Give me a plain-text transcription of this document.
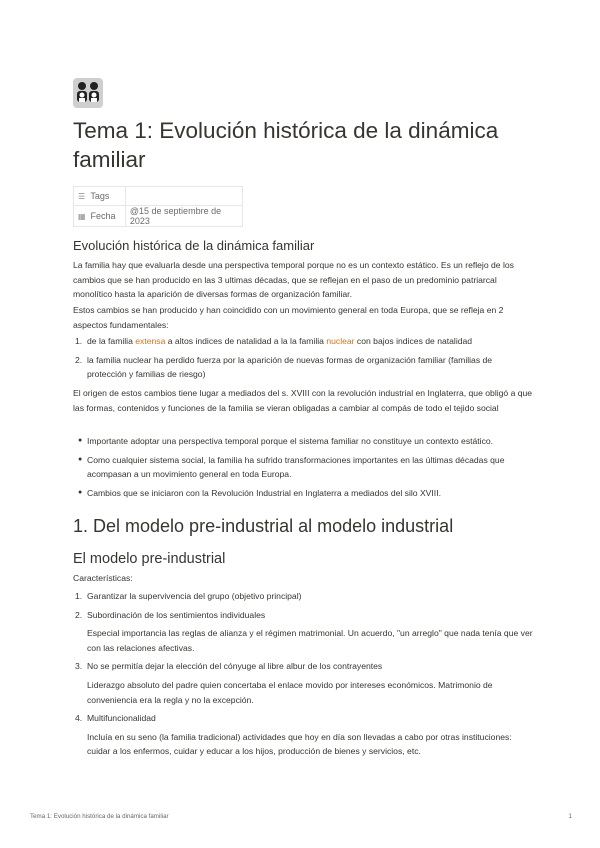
Tema 1: Evolución histórica de la dinámica familiar
☰ Tags	
▦ Fecha	@15 de septiembre de 2023
Evolución histórica de la dinámica familiar

La familia hay que evaluarla desde una perspectiva temporal porque no es un contexto estático. Es un reflejo de los cambios que se han producido en las 3 ultimas décadas, que se reflejan en el paso de un predominio patriarcal monolítico hasta la aparición de diversas formas de organización familiar.

Estos cambios se han producido y han coincidido con un movimiento general en toda Europa, que se refleja en 2 aspectos fundamentales:

1. de la familia extensa a altos indices de natalidad a la la familia nuclear con bajos indices de natalidad
2. la familia nuclear ha perdido fuerza por la aparición de nuevas formas de organización familiar (familias de protección y familias de riesgo)

El origen de estos cambios tiene lugar a mediados del s. XVIII con la revolución industrial en Inglaterra, que obligó a que las formas, contenidos y funciones de la familia se vieran obligadas a cambiar al compás de todo el tejido social

● Importante adoptar una perspectiva temporal porque el sistema familiar no constituye un contexto estático.
● Como cualquier sistema social, la familia ha sufrido transformaciones importantes en las últimas décadas que acompasan a un movimiento general en toda Europa.
● Cambios que se iniciaron con la Revolución Industrial en Inglaterra a mediados del silo XVIII.
1. Del modelo pre-industrial al modelo industrial
El modelo pre-industrial

Características:

1. Garantizar la supervivencia del grupo (objetivo principal)
2. Subordinación de los sentimientos individuales
Especial importancia las reglas de alianza y el régimen matrimonial. Un acuerdo, "un arreglo" que nada tenía que ver con las relaciones afectivas.
3. No se permitía dejar la elección del cónyuge al libre albur de los contrayentes
Liderazgo absoluto del padre quien concertaba el enlace movido por intereses económicos. Matrimonio de conveniencia era la regla y no la excepción.
4. Multifuncionalidad
Incluía en su seno (la familia tradicional) actividades que hoy en día son llevadas a cabo por otras instituciones: cuidar a los enfermos, cuidar y educar a los hijos, producción de bienes y servicios, etc.
Tema 1: Evolución histórica de la dinámica familiar	1
